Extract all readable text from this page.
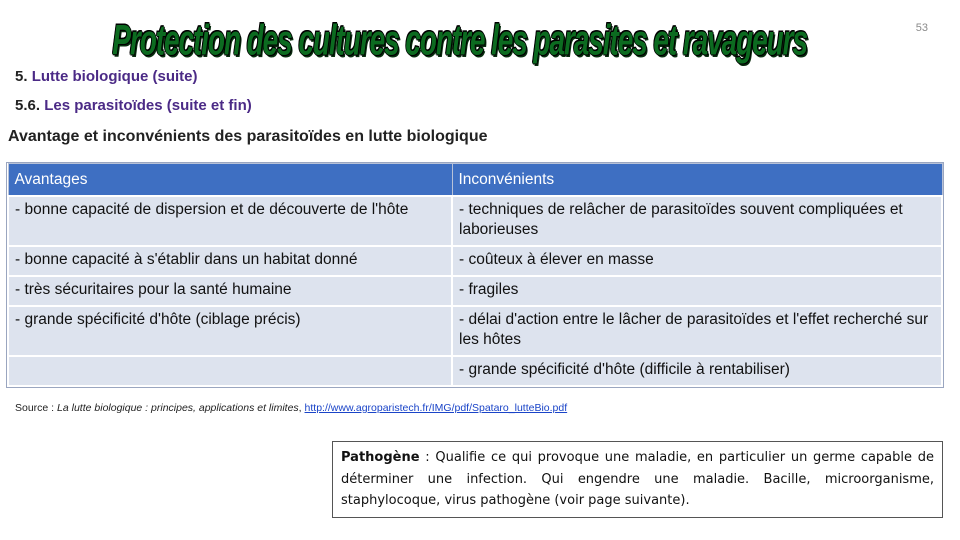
Protection des cultures contre les parasites et ravageurs	53
5. Lutte biologique (suite)
5.6. Les parasitoïdes (suite et fin)
Avantage et inconvénients des parasitoïdes en lutte biologique
Avantages	Inconvénients
- bonne capacité de dispersion et de découverte de l'hôte	- techniques de relâcher de parasitoïdes souvent compliquées et laborieuses
- bonne capacité à s'établir dans un habitat donné	- coûteux à élever en masse
- très sécuritaires pour la santé humaine	- fragiles
- grande spécificité d'hôte (ciblage précis)	- délai d'action entre le lâcher de parasitoïdes et l'effet recherché sur les hôtes
	- grande spécificité d'hôte (difficile à rentabiliser)
Source : La lutte biologique : principes, applications et limites, http://www.agroparistech.fr/IMG/pdf/Spataro_lutteBio.pdf
Pathogène : Qualifie ce qui provoque une maladie, en particulier un germe capable de déterminer une infection. Qui engendre une maladie. Bacille, microorganisme, staphylocoque, virus pathogène (voir page suivante).
